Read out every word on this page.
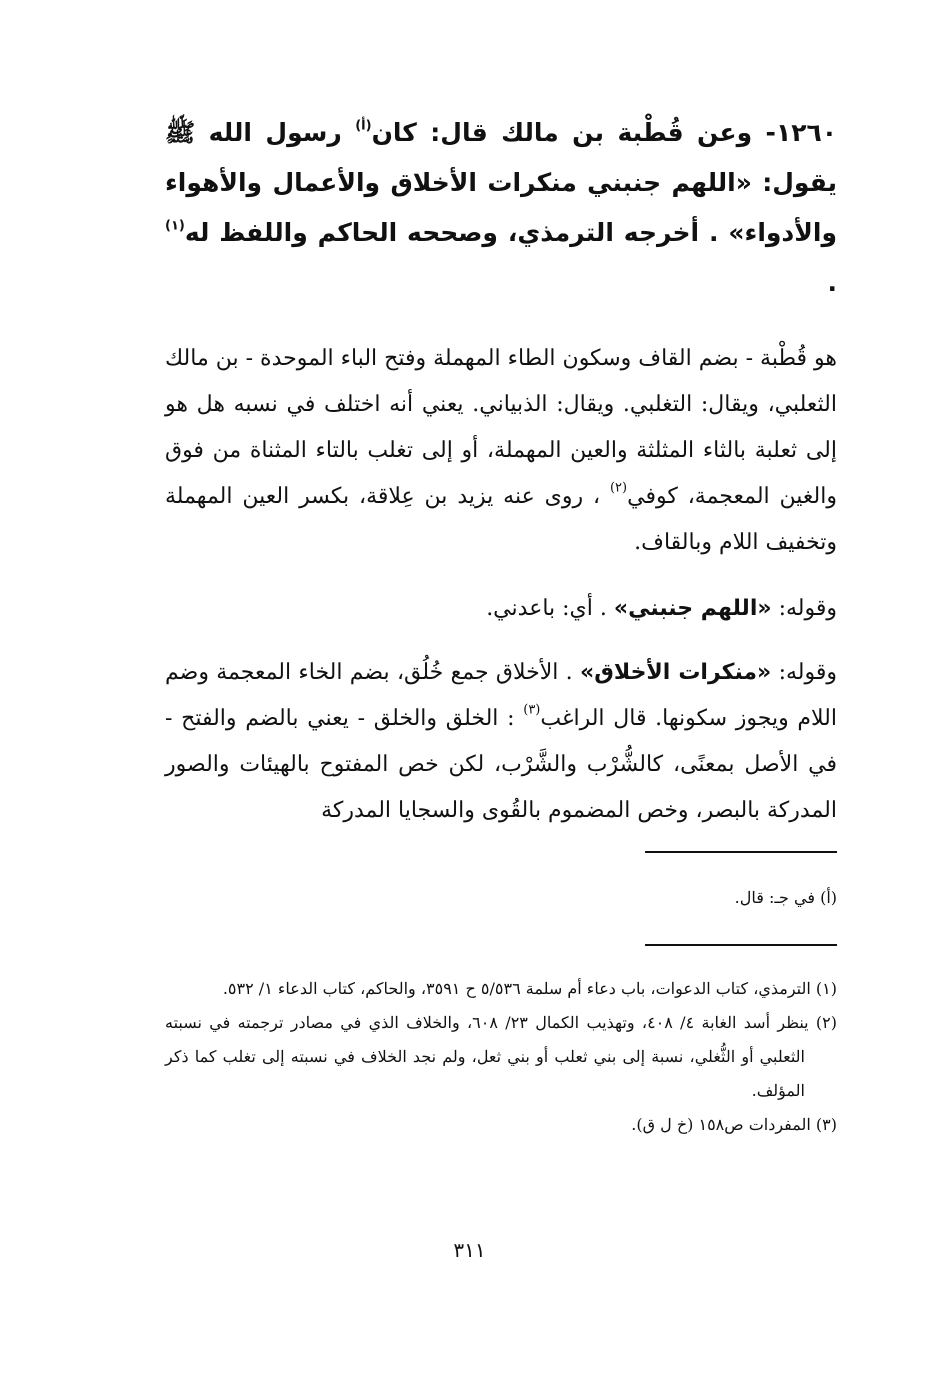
١٢٦٠- وعن قُطْبة بن مالك قال: كان$^{(أ)}$ رسول الله ﷺ يقول: «اللهم جنبني منكرات الأخلاق والأعمال والأهواء والأدواء» . أخرجه الترمذي، وصححه الحاكم واللفظ له$^{(١)}$ .

هو قُطْبة - بضم القاف وسكون الطاء المهملة وفتح الباء الموحدة - بن مالك الثعلبي، ويقال: التغلبي. ويقال: الذبياني. يعني أنه اختلف في نسبه هل هو إلى ثعلبة بالثاء المثلثة والعين المهملة، أو إلى تغلب بالتاء المثناة من فوق والغين المعجمة، كوفي$^{(٢)}$ ، روى عنه يزيد بن عِلاقة، بكسر العين المهملة وتخفيف اللام وبالقاف.

وقوله: «اللهم جنبني» . أي: باعدني.

وقوله: «منكرات الأخلاق» . الأخلاق جمع خُلُق، بضم الخاء المعجمة وضم اللام ويجوز سكونها. قال الراغب$^{(٣)}$ : الخلق والخلق - يعني بالضم والفتح - في الأصل بمعنًى، كالشُّرْب والشَّرْب، لكن خص المفتوح بالهيئات والصور المدركة بالبصر، وخص المضموم بالقُوى والسجايا المدركة

(أ) في جـ: قال.

(١) الترمذي، كتاب الدعوات، باب دعاء أم سلمة ٥/٥٣٦ ح ٣٥٩١، والحاكم، كتاب الدعاء ١/ ٥٣٢.

(٢) ينظر أسد الغابة ٤/ ٤٠٨، وتهذيب الكمال ٢٣/ ٦٠٨، والخلاف الذي في مصادر ترجمته في نسبته الثعلبي أو الثُّغلي، نسبة إلى بني ثعلب أو بني ثعل، ولم نجد الخلاف في نسبته إلى تغلب كما ذكر المؤلف.

(٣) المفردات ص١٥٨ (خ ل ق).

٣١١
